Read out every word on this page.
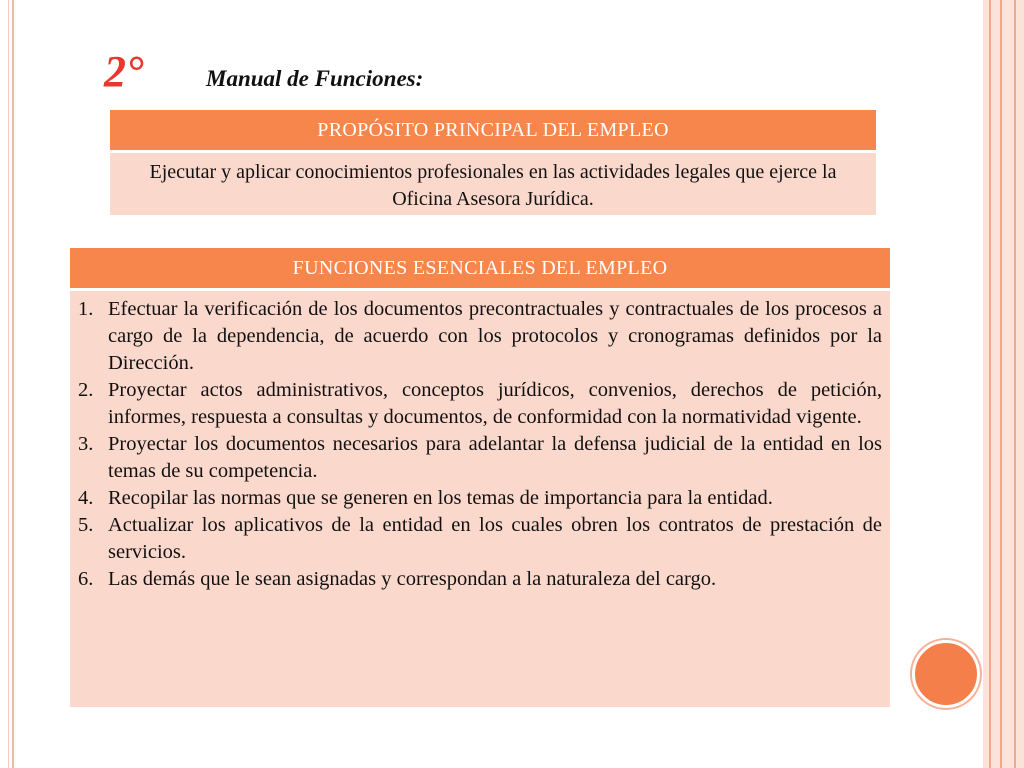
2°	Manual de Funciones:
PROPÓSITO PRINCIPAL DEL EMPLEO
Ejecutar y aplicar conocimientos profesionales en las actividades legales que ejerce la Oficina Asesora Jurídica.
FUNCIONES ESENCIALES DEL EMPLEO
1. Efectuar la verificación de los documentos precontractuales y contractuales de los procesos a cargo de la dependencia, de acuerdo con los protocolos y cronogramas definidos por la Dirección.
2. Proyectar actos administrativos, conceptos jurídicos, convenios, derechos de petición, informes, respuesta a consultas y documentos, de conformidad con la normatividad vigente.
3. Proyectar los documentos necesarios para adelantar la defensa judicial de la entidad en los temas de su competencia.
4. Recopilar las normas que se generen en los temas de importancia para la entidad.
5. Actualizar los aplicativos de la entidad en los cuales obren los contratos de prestación de servicios.
6. Las demás que le sean asignadas y correspondan a la naturaleza del cargo.
